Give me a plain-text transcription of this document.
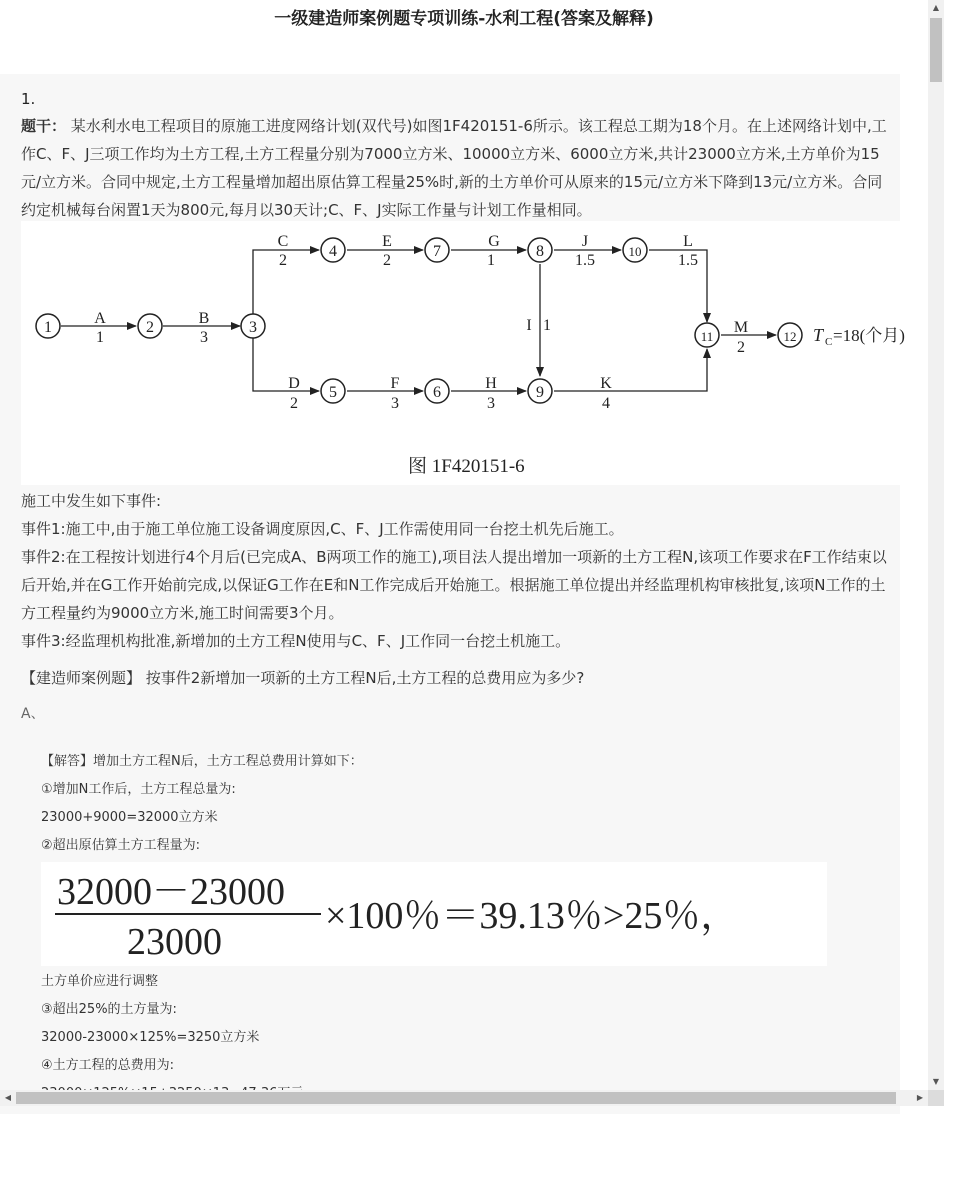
一级建造师案例题专项训练-水利工程(答案及解释)
1.
题干： 某水利水电工程项目的原施工进度网络计划(双代号)如图1F420151-6所示。该工程总工期为18个月。在上述网络计划中,工作C、F、J三项工作均为土方工程,土方工程量分别为7000立方米、10000立方米、6000立方米,共计23000立方米,土方单价为15元/立方米。合同中规定,土方工程量增加超出原估算工程量25%时,新的土方单价可从原来的15元/立方米下降到13元/立方米。合同约定机械每台闲置1天为800元,每月以30天计;C、F、J实际工作量与计划工作量相同。
1	2	3
4
5	6
7	8
9
10
11	12
A
1
B
3
C
2
E
2
G
1
J
1.5
L
1.5
D
2
F
3
H
3
K
4
I 1	M
2
T C =18(个月)
图 1F420151-6
施工中发生如下事件:
事件1:施工中,由于施工单位施工设备调度原因,C、F、J工作需使用同一台挖土机先后施工。
事件2:在工程按计划进行4个月后(已完成A、B两项工作的施工),项目法人提出增加一项新的土方工程N,该项工作要求在F工作结束以后开始,并在G工作开始前完成,以保证G工作在E和N工作完成后开始施工。根据施工单位提出并经监理机构审核批复,该项N工作的土方工程量约为9000立方米,施工时间需要3个月。
事件3:经监理机构批准,新增加的土方工程N使用与C、F、J工作同一台挖土机施工。
【建造师案例题】 按事件2新增加一项新的土方工程N后,土方工程的总费用应为多少?
A、
【解答】增加土方工程N后，土方工程总费用计算如下：
①增加N工作后，土方工程总量为:
23000+9000=32000立方米
②超出原估算土方工程量为:
32000－23000
23000
×100％＝39.13％>25％，
土方单价应进行调整
③超出25%的土方量为:
32000-23000×125%=3250立方米
④土方工程的总费用为:
▲
▼
◀	▶
